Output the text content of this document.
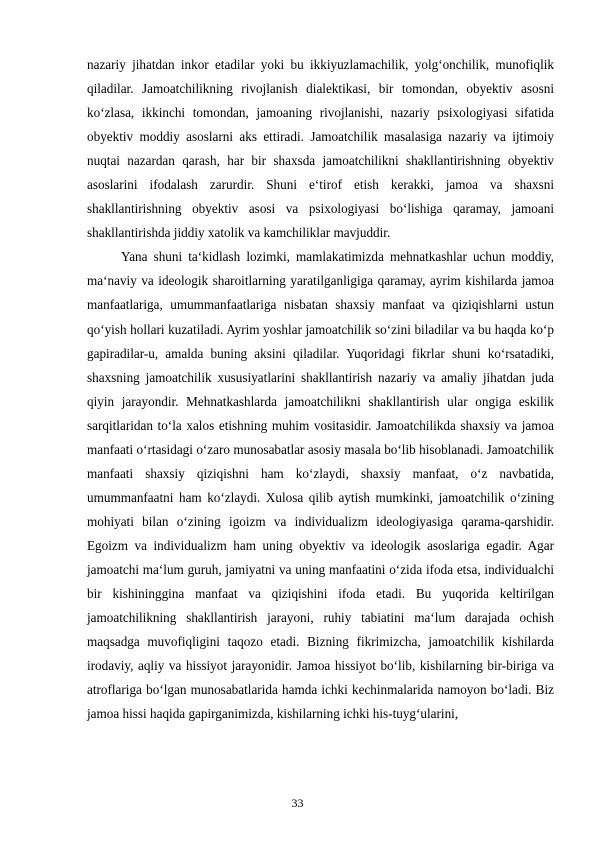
nazariy jihatdan inkor etadilar yoki bu ikkiyuzlamachilik, yolg‘onchilik, munofiqlik qiladilar. Jamoatchilikning rivojlanish dialektikasi, bir tomondan, obyektiv asosni ko‘zlasa, ikkinchi tomondan, jamoaning rivojlanishi, nazariy psixologiyasi sifatida obyektiv moddiy asoslarni aks ettiradi. Jamoatchilik masalasiga nazariy va ijtimoiy nuqtai nazardan qarash, har bir shaxsda jamoatchilikni shakllantirishning obyektiv asoslarini ifodalash zarurdir. Shuni e‘tirof etish kerakki, jamoa va shaxsni shakllantirishning obyektiv asosi va psixologiyasi bo‘lishiga qaramay, jamoani shakllantirishda jiddiy xatolik va kamchiliklar mavjuddir.

Yana shuni ta‘kidlash lozimki, mamlakatimizda mehnatkashlar uchun moddiy, ma‘naviy va ideologik sharoitlarning yaratilganligiga qaramay, ayrim kishilarda jamoa manfaatlariga, umummanfaatlariga nisbatan shaxsiy manfaat va qiziqishlarni ustun qo‘yish hollari kuzatiladi. Ayrim yoshlar jamoatchilik so‘zini biladilar va bu haqda ko‘p gapiradilar-u, amalda buning aksini qiladilar. Yuqoridagi fikrlar shuni ko‘rsatadiki, shaxsning jamoatchilik xususiyatlarini shakllantirish nazariy va amaliy jihatdan juda qiyin jarayondir. Mehnatkashlarda jamoatchilikni shakllantirish ular ongiga eskilik sarqitlaridan to‘la xalos etishning muhim vositasidir. Jamoatchilikda shaxsiy va jamoa manfaati o‘rtasidagi o‘zaro munosabatlar asosiy masala bo‘lib hisoblanadi. Jamoatchilik manfaati shaxsiy qiziqishni ham ko‘zlaydi, shaxsiy manfaat, o‘z navbatida, umummanfaatni ham ko‘zlaydi. Xulosa qilib aytish mumkinki, jamoatchilik o‘zining mohiyati bilan o‘zining igoizm va individualizm ideologiyasiga qarama-qarshidir. Egoizm va individualizm ham uning obyektiv va ideologik asoslariga egadir. Agar jamoatchi ma‘lum guruh, jamiyatni va uning manfaatini o‘zida ifoda etsa, individualchi bir kishininggina manfaat va qiziqishini ifoda etadi. Bu yuqorida keltirilgan jamoatchilikning shakllantirish jarayoni, ruhiy tabiatini ma‘lum darajada ochish maqsadga muvofiqligini taqozo etadi. Bizning fikrimizcha, jamoatchilik kishilarda irodaviy, aqliy va hissiyot jarayonidir. Jamoa hissiyot bo‘lib, kishilarning bir-biriga va atroflariga bo‘lgan munosabatlarida hamda ichki kechinmalarida namoyon bo‘ladi. Biz jamoa hissi haqida gapirganimizda, kishilarning ichki his-tuyg‘ularini,

33
